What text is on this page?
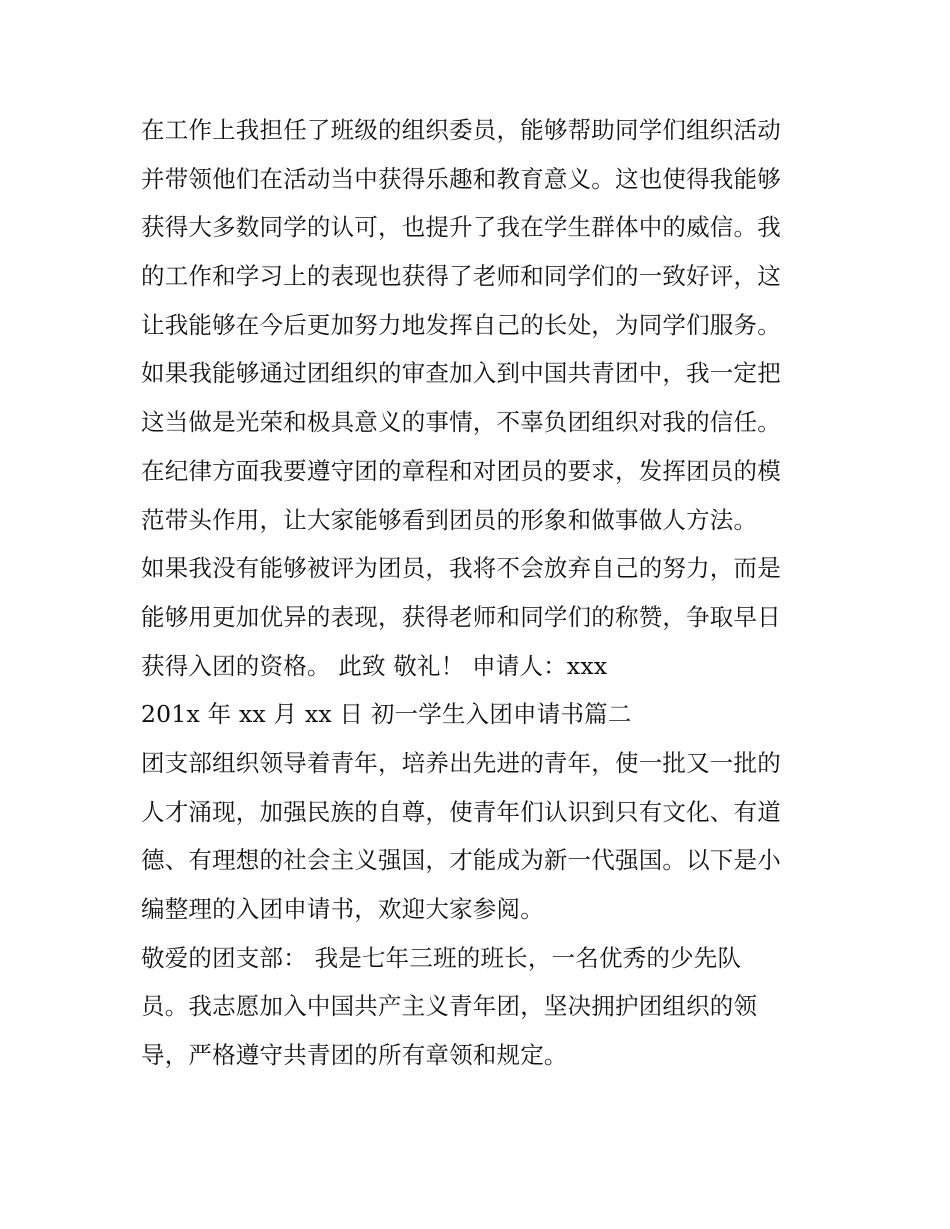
在工作上我担任了班级的组织委员，能够帮助同学们组织活动
并带领他们在活动当中获得乐趣和教育意义。这也使得我能够
获得大多数同学的认可，也提升了我在学生群体中的威信。我
的工作和学习上的表现也获得了老师和同学们的一致好评，这
让我能够在今后更加努力地发挥自己的长处，为同学们服务。
如果我能够通过团组织的审查加入到中国共青团中，我一定把
这当做是光荣和极具意义的事情，不辜负团组织对我的信任。
在纪律方面我要遵守团的章程和对团员的要求，发挥团员的模
范带头作用，让大家能够看到团员的形象和做事做人方法。
如果我没有能够被评为团员，我将不会放弃自己的努力，而是
能够用更加优异的表现，获得老师和同学们的称赞，争取早日
获得入团的资格。 此致 敬礼！ 申请人：xxx
201x 年 xx 月 xx 日 初一学生入团申请书篇二
团支部组织领导着青年，培养出先进的青年，使一批又一批的
人才涌现，加强民族的自尊，使青年们认识到只有文化、有道
德、有理想的社会主义强国，才能成为新一代强国。以下是小
编整理的入团申请书，欢迎大家参阅。
敬爱的团支部： 我是七年三班的班长，一名优秀的少先队
员。我志愿加入中国共产主义青年团，坚决拥护团组织的领
导，严格遵守共青团的所有章领和规定。
